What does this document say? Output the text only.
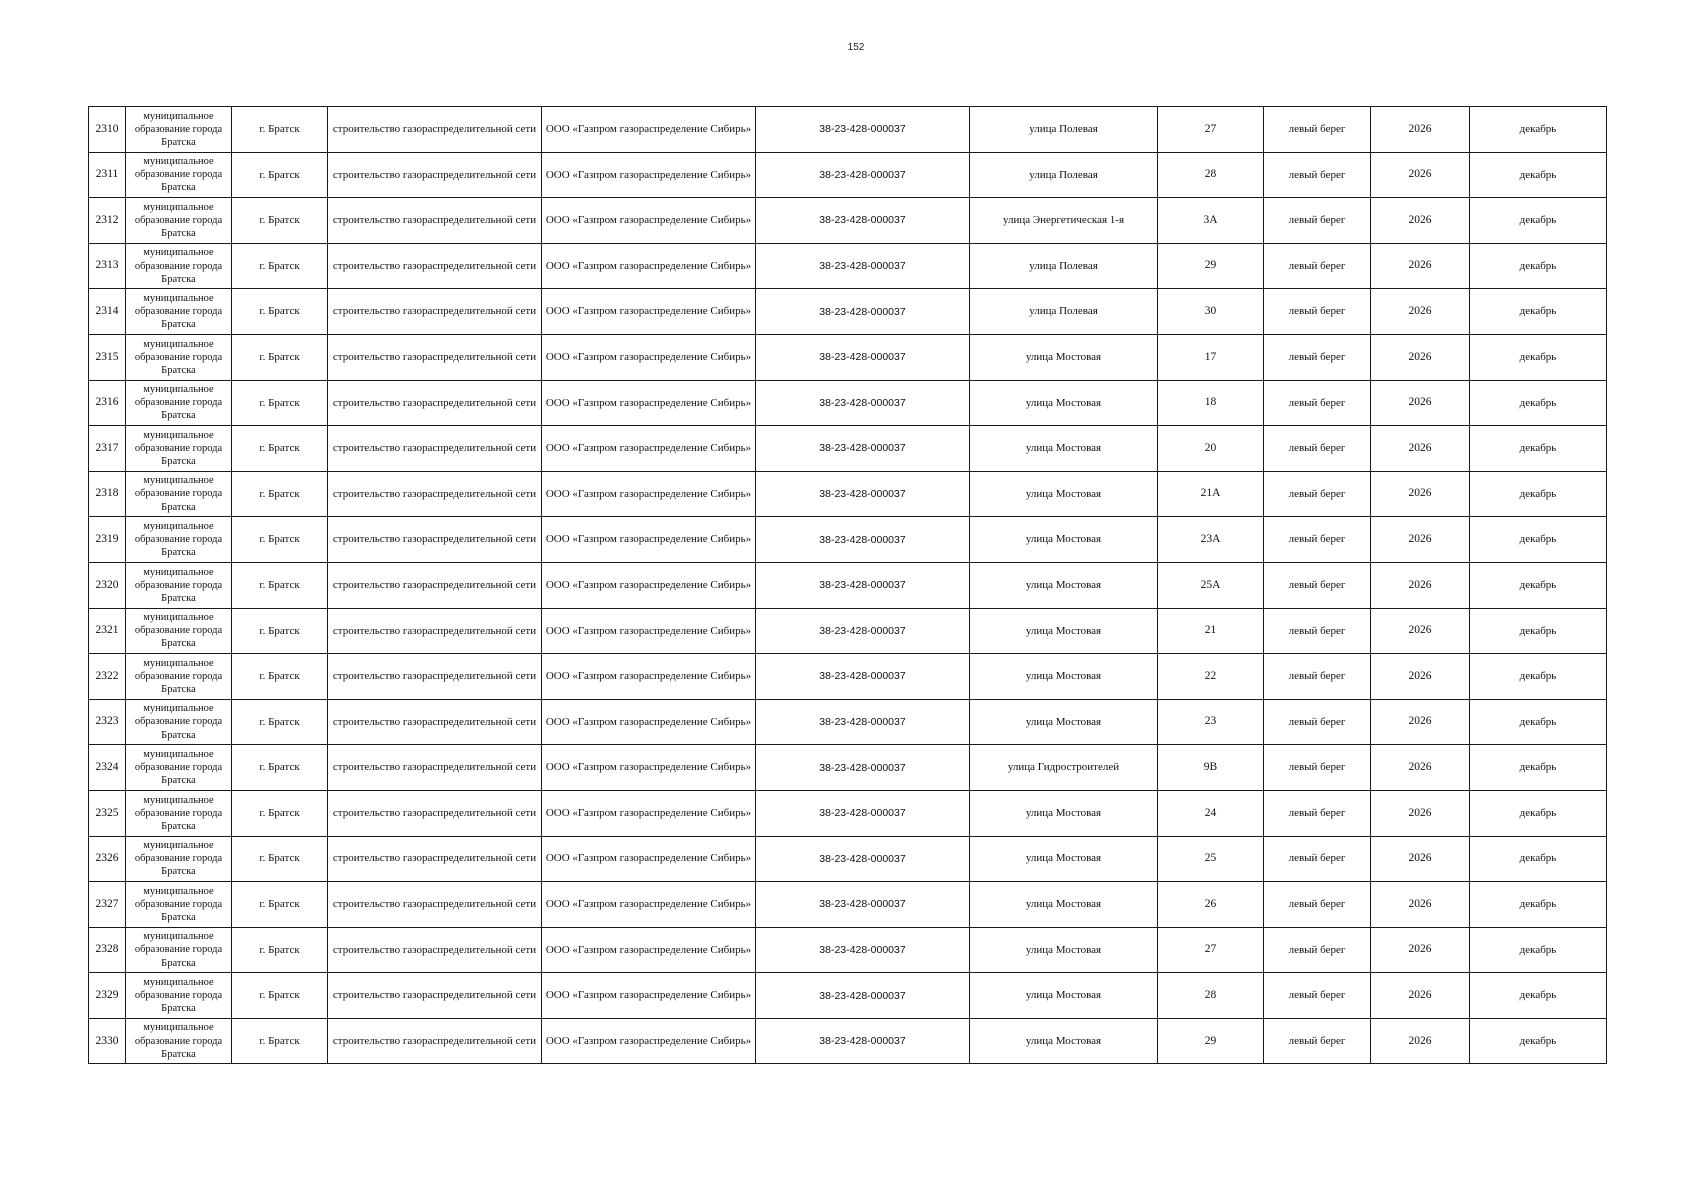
152
2310	муниципальное образование города Братска	г. Братск	строительство газораспределительной сети	ООО «Газпром газораспределение Сибирь»	38-23-428-000037	улица Полевая	27	левый берег	2026	декабрь
2311	муниципальное образование города Братска	г. Братск	строительство газораспределительной сети	ООО «Газпром газораспределение Сибирь»	38-23-428-000037	улица Полевая	28	левый берег	2026	декабрь
2312	муниципальное образование города Братска	г. Братск	строительство газораспределительной сети	ООО «Газпром газораспределение Сибирь»	38-23-428-000037	улица Энергетическая 1-я	3А	левый берег	2026	декабрь
2313	муниципальное образование города Братска	г. Братск	строительство газораспределительной сети	ООО «Газпром газораспределение Сибирь»	38-23-428-000037	улица Полевая	29	левый берег	2026	декабрь
2314	муниципальное образование города Братска	г. Братск	строительство газораспределительной сети	ООО «Газпром газораспределение Сибирь»	38-23-428-000037	улица Полевая	30	левый берег	2026	декабрь
2315	муниципальное образование города Братска	г. Братск	строительство газораспределительной сети	ООО «Газпром газораспределение Сибирь»	38-23-428-000037	улица Мостовая	17	левый берег	2026	декабрь
2316	муниципальное образование города Братска	г. Братск	строительство газораспределительной сети	ООО «Газпром газораспределение Сибирь»	38-23-428-000037	улица Мостовая	18	левый берег	2026	декабрь
2317	муниципальное образование города Братска	г. Братск	строительство газораспределительной сети	ООО «Газпром газораспределение Сибирь»	38-23-428-000037	улица Мостовая	20	левый берег	2026	декабрь
2318	муниципальное образование города Братска	г. Братск	строительство газораспределительной сети	ООО «Газпром газораспределение Сибирь»	38-23-428-000037	улица Мостовая	21А	левый берег	2026	декабрь
2319	муниципальное образование города Братска	г. Братск	строительство газораспределительной сети	ООО «Газпром газораспределение Сибирь»	38-23-428-000037	улица Мостовая	23А	левый берег	2026	декабрь
2320	муниципальное образование города Братска	г. Братск	строительство газораспределительной сети	ООО «Газпром газораспределение Сибирь»	38-23-428-000037	улица Мостовая	25А	левый берег	2026	декабрь
2321	муниципальное образование города Братска	г. Братск	строительство газораспределительной сети	ООО «Газпром газораспределение Сибирь»	38-23-428-000037	улица Мостовая	21	левый берег	2026	декабрь
2322	муниципальное образование города Братска	г. Братск	строительство газораспределительной сети	ООО «Газпром газораспределение Сибирь»	38-23-428-000037	улица Мостовая	22	левый берег	2026	декабрь
2323	муниципальное образование города Братска	г. Братск	строительство газораспределительной сети	ООО «Газпром газораспределение Сибирь»	38-23-428-000037	улица Мостовая	23	левый берег	2026	декабрь
2324	муниципальное образование города Братска	г. Братск	строительство газораспределительной сети	ООО «Газпром газораспределение Сибирь»	38-23-428-000037	улица Гидростроителей	9В	левый берег	2026	декабрь
2325	муниципальное образование города Братска	г. Братск	строительство газораспределительной сети	ООО «Газпром газораспределение Сибирь»	38-23-428-000037	улица Мостовая	24	левый берег	2026	декабрь
2326	муниципальное образование города Братска	г. Братск	строительство газораспределительной сети	ООО «Газпром газораспределение Сибирь»	38-23-428-000037	улица Мостовая	25	левый берег	2026	декабрь
2327	муниципальное образование города Братска	г. Братск	строительство газораспределительной сети	ООО «Газпром газораспределение Сибирь»	38-23-428-000037	улица Мостовая	26	левый берег	2026	декабрь
2328	муниципальное образование города Братска	г. Братск	строительство газораспределительной сети	ООО «Газпром газораспределение Сибирь»	38-23-428-000037	улица Мостовая	27	левый берег	2026	декабрь
2329	муниципальное образование города Братска	г. Братск	строительство газораспределительной сети	ООО «Газпром газораспределение Сибирь»	38-23-428-000037	улица Мостовая	28	левый берег	2026	декабрь
2330	муниципальное образование города Братска	г. Братск	строительство газораспределительной сети	ООО «Газпром газораспределение Сибирь»	38-23-428-000037	улица Мостовая	29	левый берег	2026	декабрь
